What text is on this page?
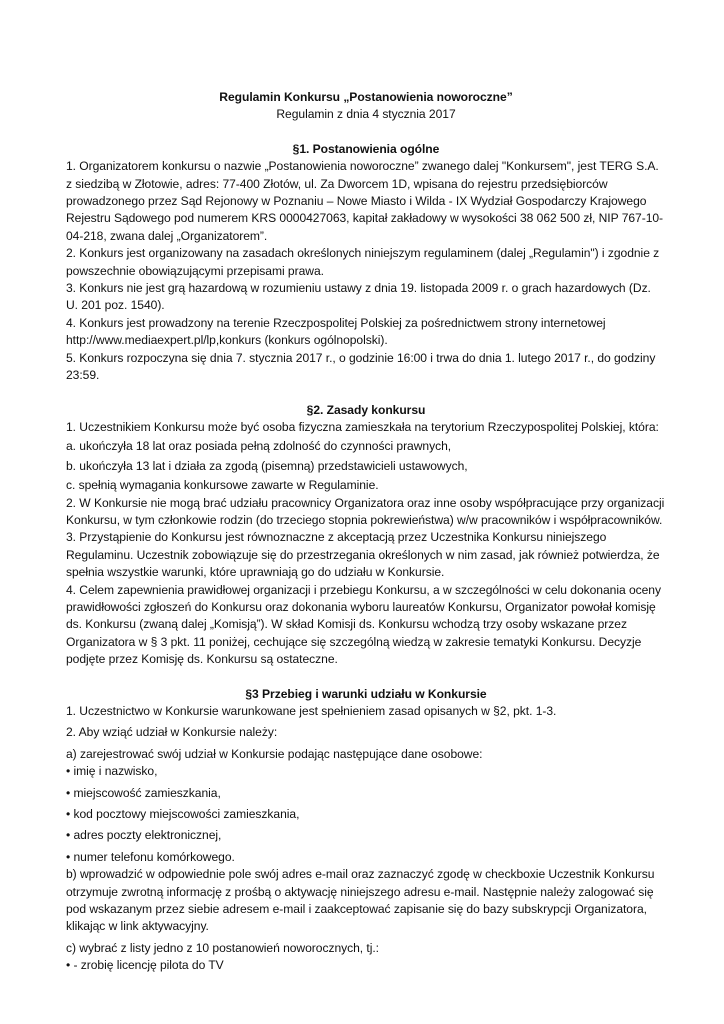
Regulamin Konkursu „Postanowienia noworoczne”

Regulamin z dnia 4 stycznia 2017

§1. Postanowienia ogólne

1. Organizatorem konkursu o nazwie „Postanowienia noworoczne” zwanego dalej "Konkursem", jest TERG S.A. z siedzibą w Złotowie, adres: 77-400 Złotów, ul. Za Dworcem 1D, wpisana do rejestru przedsiębiorców prowadzonego przez Sąd Rejonowy w Poznaniu – Nowe Miasto i Wilda - IX Wydział Gospodarczy Krajowego Rejestru Sądowego pod numerem KRS 0000427063, kapitał zakładowy w wysokości 38 062 500 zł, NIP 767-10-04-218, zwana dalej „Organizatorem”.

2. Konkurs jest organizowany na zasadach określonych niniejszym regulaminem (dalej „Regulamin") i zgodnie z powszechnie obowiązującymi przepisami prawa.

3. Konkurs nie jest grą hazardową w rozumieniu ustawy z dnia 19. listopada 2009 r. o grach hazardowych (Dz. U. 201 poz. 1540).

4. Konkurs jest prowadzony na terenie Rzeczpospolitej Polskiej za pośrednictwem strony internetowej http://www.mediaexpert.pl/lp,konkurs (konkurs ogólnopolski).

5. Konkurs rozpoczyna się dnia 7. stycznia 2017 r., o godzinie 16:00 i trwa do dnia 1. lutego 2017 r., do godziny 23:59.

§2. Zasady konkursu

1. Uczestnikiem Konkursu może być osoba fizyczna zamieszkała na terytorium Rzeczypospolitej Polskiej, która:

a. ukończyła 18 lat oraz posiada pełną zdolność do czynności prawnych,

b. ukończyła 13 lat i działa za zgodą (pisemną) przedstawicieli ustawowych,

c. spełnią wymagania konkursowe zawarte w Regulaminie.

2. W Konkursie nie mogą brać udziału pracownicy Organizatora oraz inne osoby współpracujące przy organizacji Konkursu, w tym członkowie rodzin (do trzeciego stopnia pokrewieństwa) w/w pracowników i współpracowników.

3. Przystąpienie do Konkursu jest równoznaczne z akceptacją przez Uczestnika Konkursu niniejszego Regulaminu. Uczestnik zobowiązuje się do przestrzegania określonych w nim zasad, jak również potwierdza, że spełnia wszystkie warunki, które uprawniają go do udziału w Konkursie.

4. Celem zapewnienia prawidłowej organizacji i przebiegu Konkursu, a w szczególności w celu dokonania oceny prawidłowości zgłoszeń do Konkursu oraz dokonania wyboru laureatów Konkursu, Organizator powołał komisję ds. Konkursu (zwaną dalej „Komisją”). W skład Komisji ds. Konkursu wchodzą trzy osoby wskazane przez Organizatora w § 3 pkt. 11 poniżej, cechujące się szczególną wiedzą w zakresie tematyki Konkursu. Decyzje podjęte przez Komisję ds. Konkursu są ostateczne.

§3 Przebieg i warunki udziału w Konkursie

1. Uczestnictwo w Konkursie warunkowane jest spełnieniem zasad opisanych w §2, pkt. 1-3.

2. Aby wziąć udział w Konkursie należy:

a) zarejestrować swój udział w Konkursie podając następujące dane osobowe:

• imię i nazwisko,

• miejscowość zamieszkania,

• kod pocztowy miejscowości zamieszkania,

• adres poczty elektronicznej,

• numer telefonu komórkowego.

b) wprowadzić w odpowiednie pole swój adres e-mail oraz zaznaczyć zgodę w checkboxie Uczestnik Konkursu otrzymuje zwrotną informację z prośbą o aktywację niniejszego adresu e-mail. Następnie należy zalogować się pod wskazanym przez siebie adresem e-mail i zaakceptować zapisanie się do bazy subskrypcji Organizatora, klikając w link aktywacyjny.

c) wybrać z listy jedno z 10 postanowień noworocznych, tj.:

• - zrobię licencję pilota do TV
